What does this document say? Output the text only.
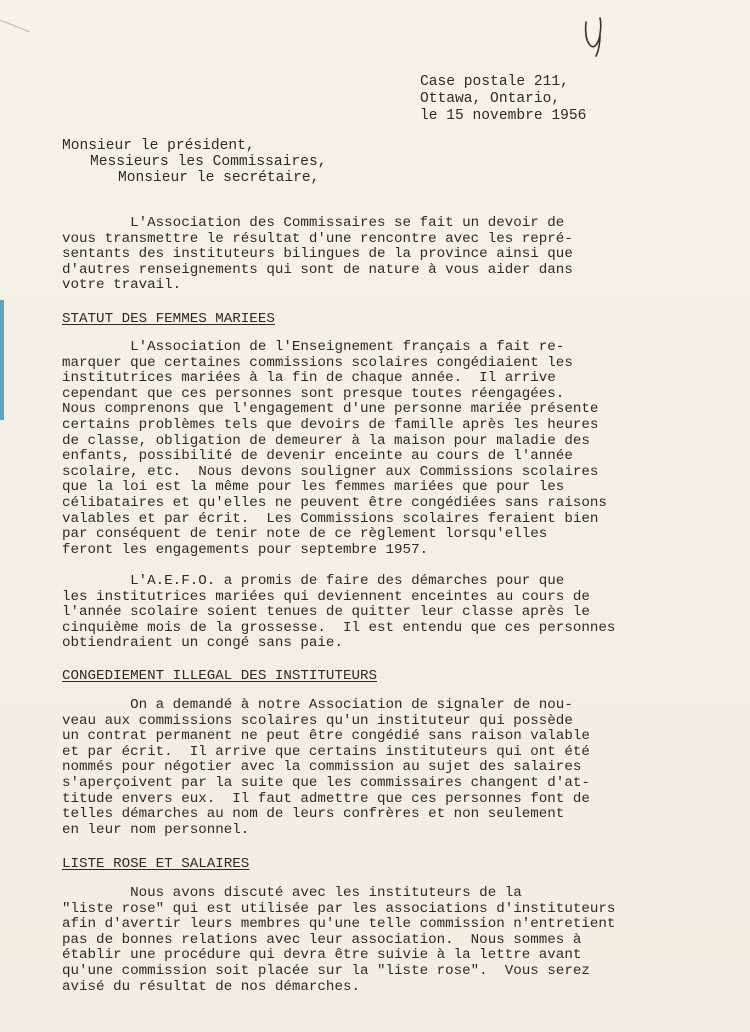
Case postale 211,
Ottawa, Ontario,
le 15 novembre 1956
Monsieur le président,
Messieurs les Commissaires,
Monsieur le secrétaire,
L'Association des Commissaires se fait un devoir de
vous transmettre le résultat d'une rencontre avec les repré-
sentants des instituteurs bilingues de la province ainsi que
d'autres renseignements qui sont de nature à vous aider dans
votre travail.
STATUT DES FEMMES MARIEES
L'Association de l'Enseignement français a fait re-
marquer que certaines commissions scolaires congédiaient les
institutrices mariées à la fin de chaque année.  Il arrive
cependant que ces personnes sont presque toutes réengagées.
Nous comprenons que l'engagement d'une personne mariée présente
certains problèmes tels que devoirs de famille après les heures
de classe, obligation de demeurer à la maison pour maladie des
enfants, possibilité de devenir enceinte au cours de l'année
scolaire, etc.  Nous devons souligner aux Commissions scolaires
que la loi est la même pour les femmes mariées que pour les
célibataires et qu'elles ne peuvent être congédiées sans raisons
valables et par écrit.  Les Commissions scolaires feraient bien
par conséquent de tenir note de ce règlement lorsqu'elles
feront les engagements pour septembre 1957.
L'A.E.F.O. a promis de faire des démarches pour que
les institutrices mariées qui deviennent enceintes au cours de
l'année scolaire soient tenues de quitter leur classe après le
cinquième mois de la grossesse.  Il est entendu que ces personnes
obtiendraient un congé sans paie.
CONGEDIEMENT ILLEGAL DES INSTITUTEURS
On a demandé à notre Association de signaler de nou-
veau aux commissions scolaires qu'un instituteur qui possède
un contrat permanent ne peut être congédié sans raison valable
et par écrit.  Il arrive que certains instituteurs qui ont été
nommés pour négotier avec la commission au sujet des salaires
s'aperçoivent par la suite que les commissaires changent d'at-
titude envers eux.  Il faut admettre que ces personnes font de
telles démarches au nom de leurs confrères et non seulement
en leur nom personnel.
LISTE ROSE ET SALAIRES
Nous avons discuté avec les instituteurs de la
"liste rose" qui est utilisée par les associations d'instituteurs
afin d'avertir leurs membres qu'une telle commission n'entretient
pas de bonnes relations avec leur association.  Nous sommes à
établir une procédure qui devra être suivie à la lettre avant
qu'une commission soit placée sur la "liste rose".  Vous serez
avisé du résultat de nos démarches.
